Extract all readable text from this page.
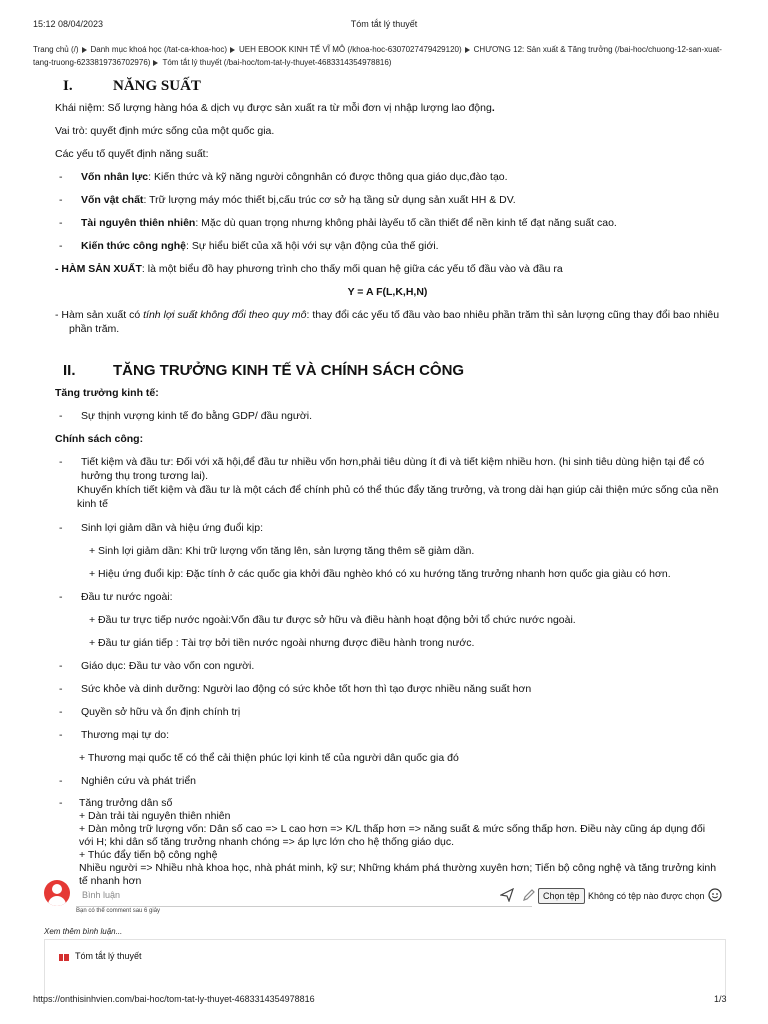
15:12 08/04/2023	Tóm tắt lý thuyết
Trang chủ (/) Danh mục khoá học (/tat-ca-khoa-hoc) UEH EBOOK KINH TẾ VĨ MÔ (/khoa-hoc-6307027479429120) CHƯƠNG 12: Sản xuất & Tăng trưởng (/bai-hoc/chuong-12-san-xuat-tang-truong-6233819736702976) Tóm tắt lý thuyết (/bai-hoc/tom-tat-ly-thuyet-4683314354978816)
I.	NĂNG SUẤT

Khái niệm: Số lượng hàng hóa & dịch vụ được sản xuất ra từ mỗi đơn vị nhập lượng lao động.

Vai trò: quyết định mức sống của một quốc gia.

Các yếu tố quyết định năng suất:

- Vốn nhân lực: Kiến thức và kỹ năng người côngnhân có được thông qua giáo dục,đào tạo.
- Vốn vật chất: Trữ lượng máy móc thiết bị,cấu trúc cơ sở hạ tầng sử dụng sản xuất HH & DV.
- Tài nguyên thiên nhiên: Mặc dù quan trọng nhưng không phải làyếu tố cần thiết để nền kinh tế đạt năng suất cao.
- Kiến thức công nghệ: Sự hiểu biết của xã hội với sự vận động của thế giới.

- HÀM SẢN XUẤT: là một biểu đồ hay phương trình cho thấy mối quan hệ giữa các yếu tố đầu vào và đầu ra

Y = A F(L,K,H,N)

- Hàm sản xuất có tính lợi suất không đổi theo quy mô: thay đổi các yếu tố đầu vào bao nhiêu phần trăm thì sản lượng cũng thay đổi bao nhiêu phần trăm.

II. TĂNG TRƯỞNG KINH TẾ VÀ CHÍNH SÁCH CÔNG

Tăng trưởng kinh tế:

- Sự thịnh vượng kinh tế đo bằng GDP/ đầu người.

Chính sách công:

-	Tiết kiệm và đầu tư: Đối với xã hội,để đầu tư nhiều vốn hơn,phải tiêu dùng ít đi và tiết kiệm nhiều hơn. (hi sinh tiêu dùng hiện tại để có hưởng thụ trong tương lai).
Khuyến khích tiết kiệm và đầu tư là một cách để chính phủ có thể thúc đẩy tăng trưởng, và trong dài hạn giúp cải thiện mức sống của nền kinh tế
- Sinh lợi giảm dần và hiệu ứng đuổi kịp:

+ Sinh lợi giảm dần: Khi trữ lượng vốn tăng lên, sản lượng tăng thêm sẽ giảm dần.

+ Hiệu ứng đuổi kịp: Đặc tính ở các quốc gia khởi đầu nghèo khó có xu hướng tăng trưởng nhanh hơn quốc gia giàu có hơn.

- Đầu tư nước ngoài:

+ Đầu tư trực tiếp nước ngoài:Vốn đầu tư được sở hữu và điều hành hoạt động bởi tổ chức nước ngoài.

+ Đầu tư gián tiếp : Tài trợ bởi tiền nước ngoài nhưng được điều hành trong nước.

- Giáo dục: Đầu tư vào vốn con người.
- Sức khỏe và dinh dưỡng: Người lao động có sức khỏe tốt hơn thì tạo được nhiều năng suất hơn
- Quyền sở hữu và ổn định chính trị
- Thương mại tự do:

+ Thương mại quốc tế có thể cải thiện phúc lợi kinh tế của người dân quốc gia đó

- Nghiên cứu và phát triển
- Tăng trưởng dân số
+ Dàn trải tài nguyên thiên nhiên
+ Dàn mỏng trữ lượng vốn: Dân số cao => L cao hơn => K/L thấp hơn => năng suất & mức sống thấp hơn. Điều này cũng áp dụng đối với H; khi dân số tăng trưởng nhanh chóng => áp lực lớn cho hệ thống giáo dục.
+ Thúc đẩy tiến bộ công nghệ
Nhiều người => Nhiều nhà khoa học, nhà phát minh, kỹ sư; Những khám phá thường xuyên hơn; Tiến bộ công nghệ và tăng trưởng kinh tế nhanh hơn
Bình luận	Chọn tệp Không có tệp nào được chọn
Bạn có thể comment sau 6 giây
Xem thêm bình luận...
Tóm tắt lý thuyết
https://onthisinhvien.com/bai-hoc/tom-tat-ly-thuyet-4683314354978816	1/3
